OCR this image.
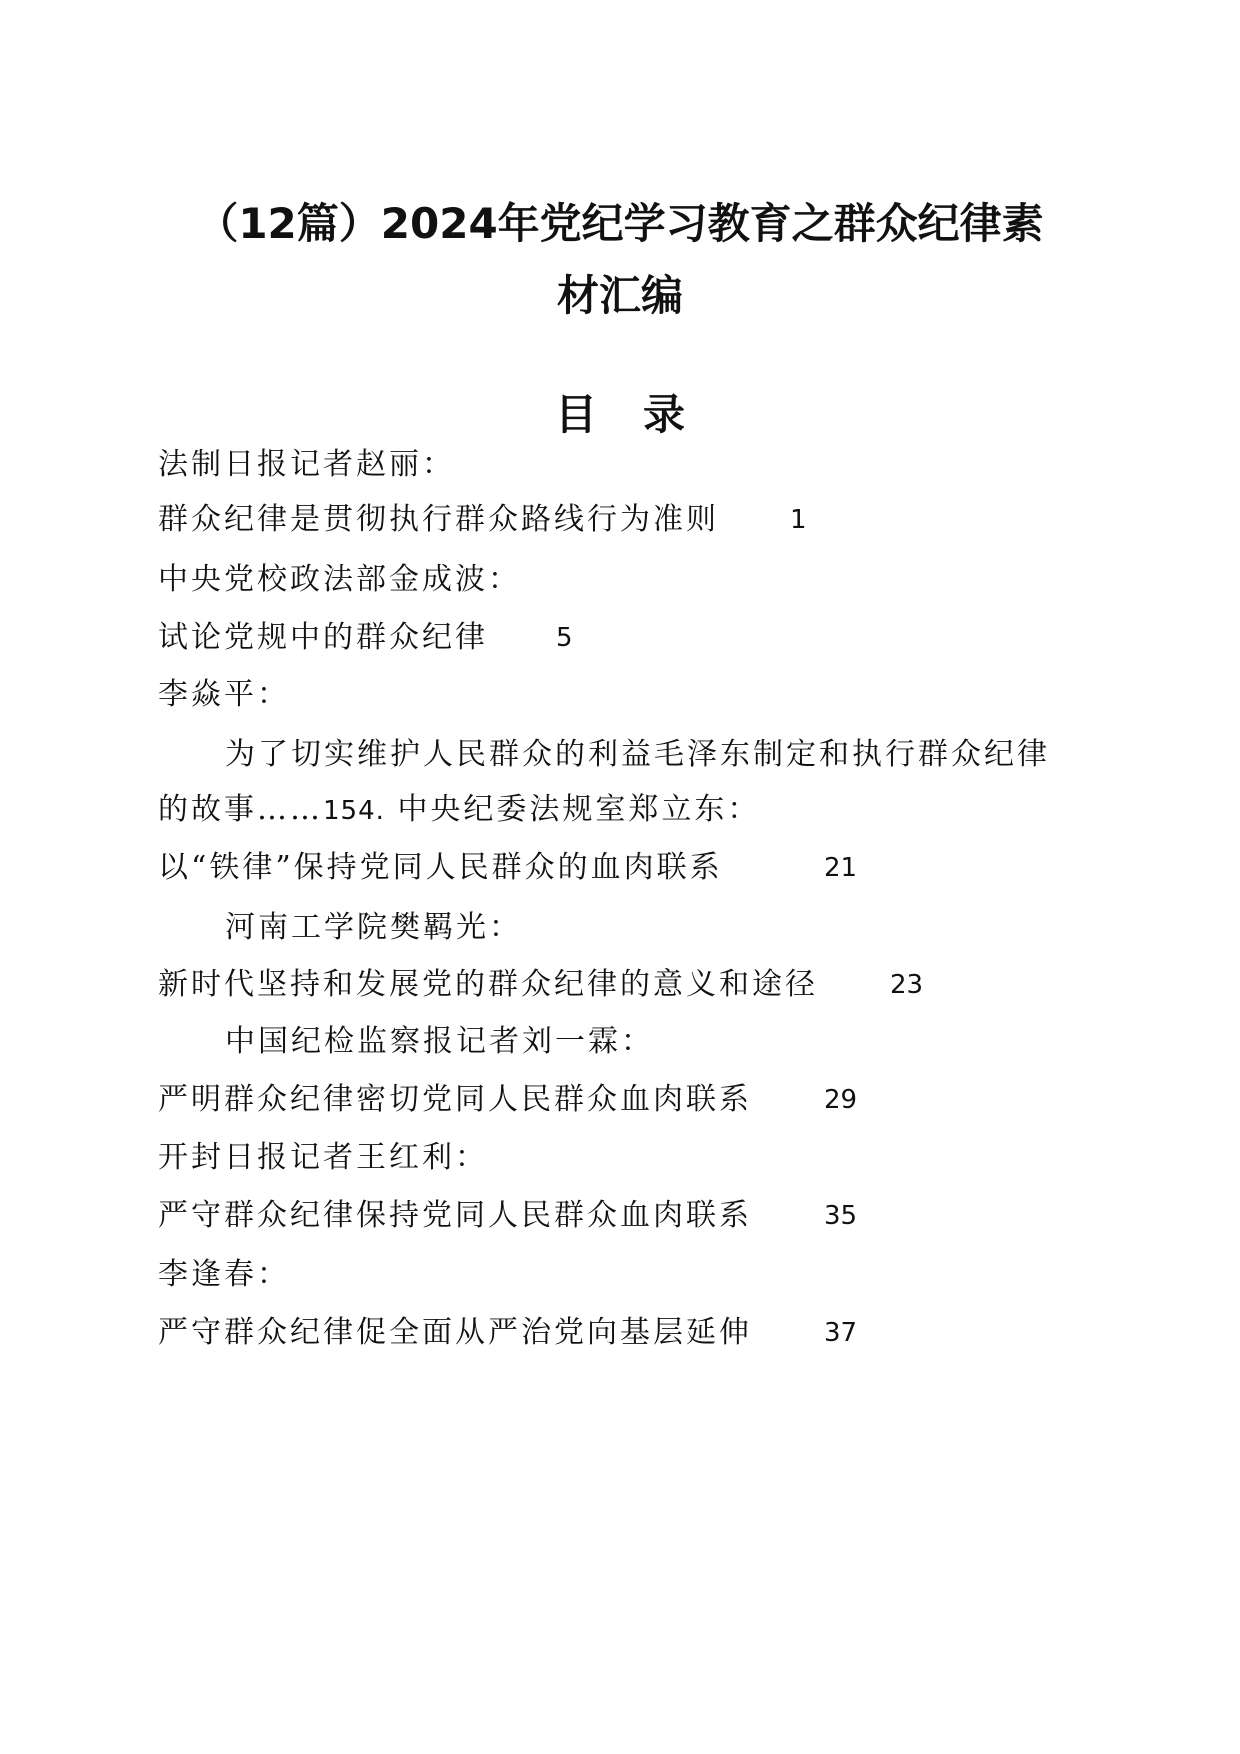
（12篇）2024年党纪学习教育之群众纪律素
材汇编
目录
法制日报记者赵丽：
群众纪律是贯彻执行群众路线行为准则	1
中央党校政法部金成波：
试论党规中的群众纪律	5
李焱平：
为了切实维护人民群众的利益毛泽东制定和执行群众纪律
的故事……154. 中央纪委法规室郑立东：
以“铁律”保持党同人民群众的血肉联系	21
河南工学院樊羁光：
新时代坚持和发展党的群众纪律的意义和途径	23
中国纪检监察报记者刘一霖：
严明群众纪律密切党同人民群众血肉联系	29
开封日报记者王红利：
严守群众纪律保持党同人民群众血肉联系	35
李逢春：
严守群众纪律促全面从严治党向基层延伸	37
